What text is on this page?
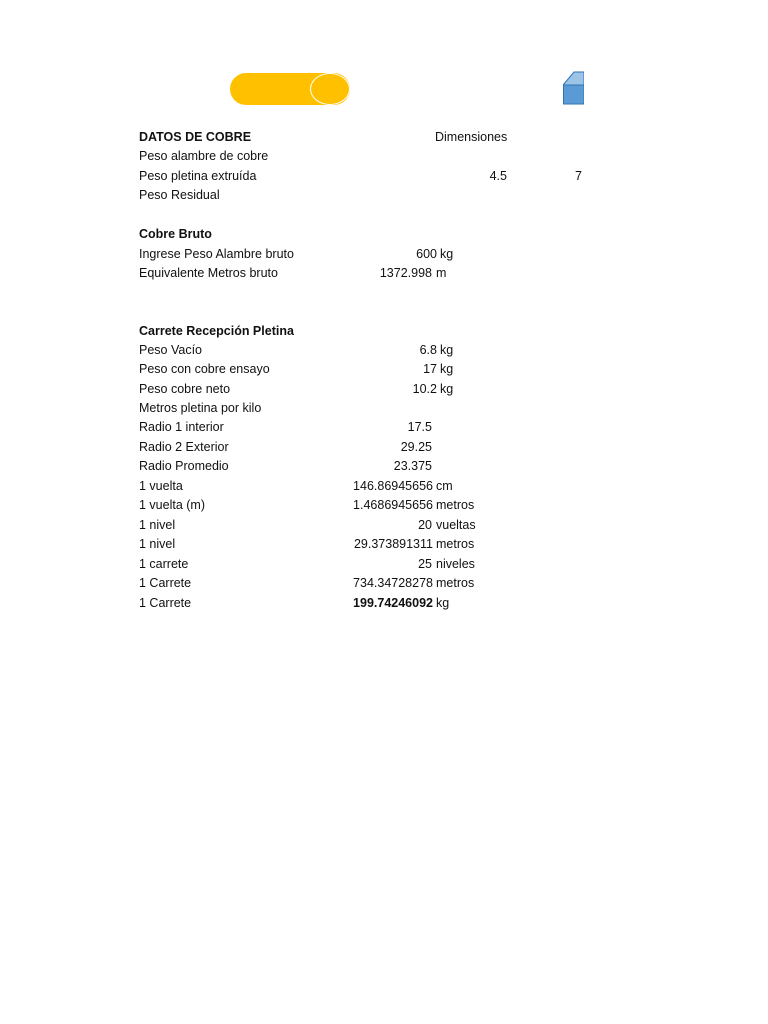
DATOS DE COBRE	Dimensiones
Peso alambre de cobre
Peso pletina extruída	4.5	7
Peso Residual
Cobre Bruto
Ingrese Peso Alambre bruto	600 kg
Equivalente Metros bruto	1372.998 m
Carrete Recepción Pletina
Peso Vacío	6.8 kg
Peso con cobre ensayo	17 kg
Peso cobre neto	10.2 kg
Metros pletina por kilo
Radio 1 interior	17.5
Radio 2 Exterior	29.25
Radio Promedio	23.375
1 vuelta	146.86945656 cm
1 vuelta (m)	1.4686945656 metros
1 nivel	20 vueltas
1 nivel	29.373891311 metros
1 carrete	25 niveles
1 Carrete	734.34728278 metros
1 Carrete	199.74246092 kg
